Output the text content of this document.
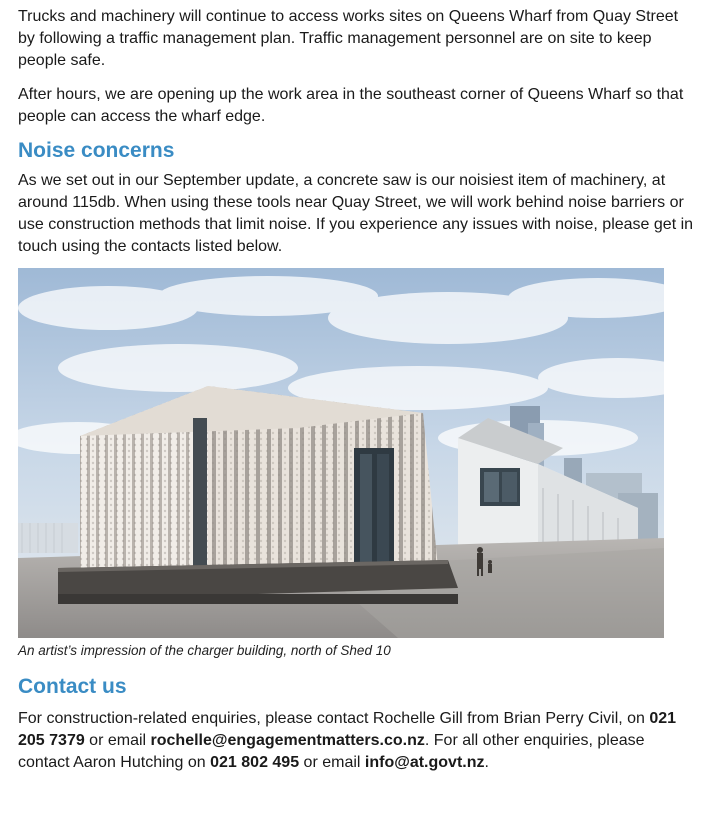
Trucks and machinery will continue to access works sites on Queens Wharf from Quay Street by following a traffic management plan. Traffic management personnel are on site to keep people safe.

After hours, we are opening up the work area in the southeast corner of Queens Wharf so that people can access the wharf edge.

Noise concerns

As we set out in our September update, a concrete saw is our noisiest item of machinery, at around 115db. When using these tools near Quay Street, we will work behind noise barriers or use construction methods that limit noise. If you experience any issues with noise, please get in touch using the contacts listed below.

An artist’s impression of the charger building, north of Shed 10

Contact us

For construction-related enquiries, please contact Rochelle Gill from Brian Perry Civil, on 021 205 7379 or email rochelle@engagementmatters.co.nz. For all other enquiries, please contact Aaron Hutching on 021 802 495 or email info@at.govt.nz.
